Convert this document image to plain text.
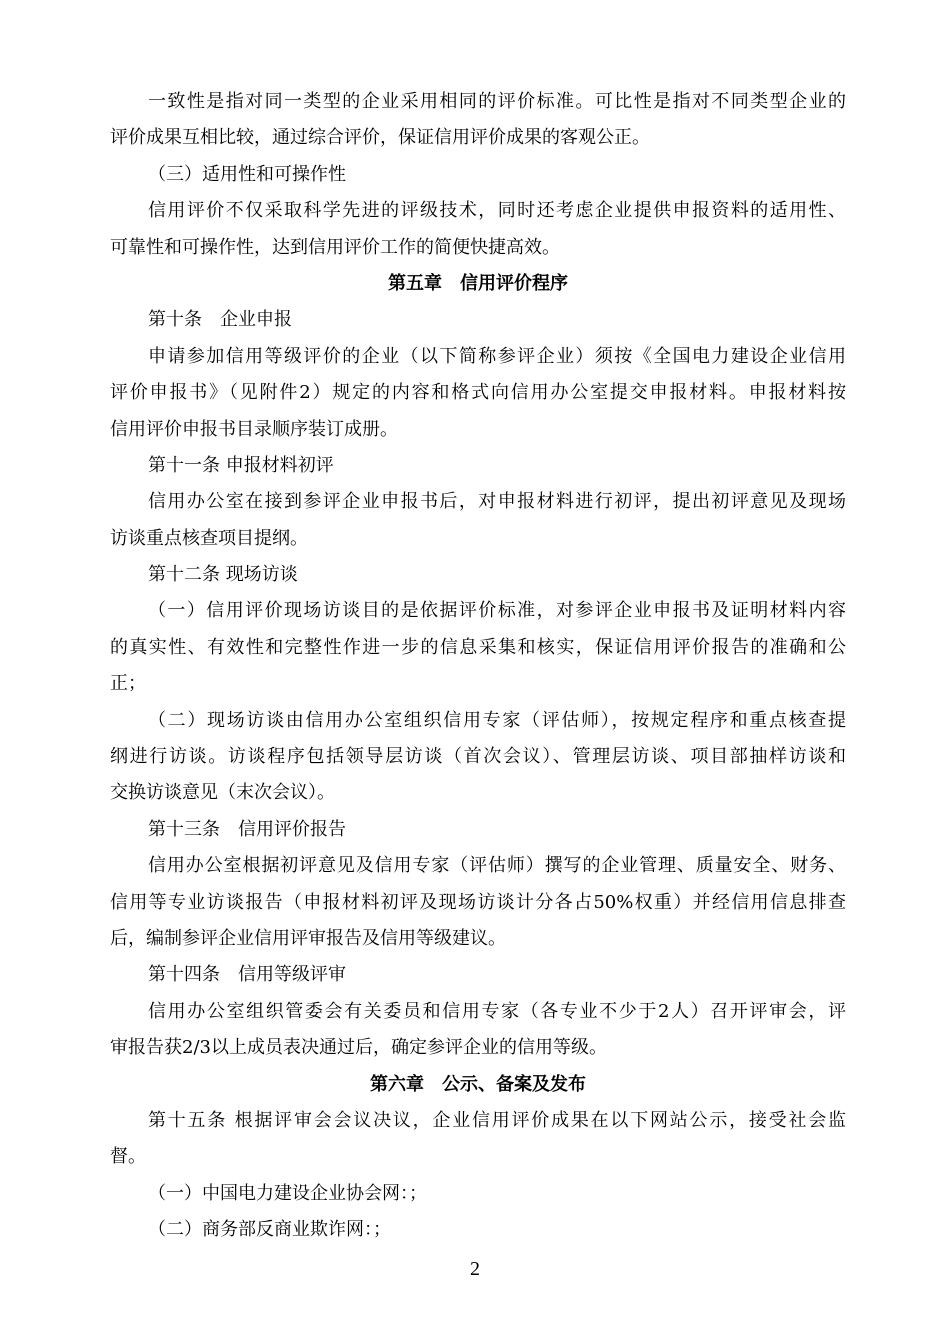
一致性是指对同一类型的企业采用相同的评价标准。可比性是指对不同类型企业的
评价成果互相比较，通过综合评价，保证信用评价成果的客观公正。
（三）适用性和可操作性
信用评价不仅采取科学先进的评级技术，同时还考虑企业提供申报资料的适用性、
可靠性和可操作性，达到信用评价工作的简便快捷高效。
第五章　信用评价程序
第十条　企业申报
申请参加信用等级评价的企业（以下简称参评企业）须按《全国电力建设企业信用
评价申报书》（见附件2）规定的内容和格式向信用办公室提交申报材料。申报材料按
信用评价申报书目录顺序装订成册。
第十一条 申报材料初评
信用办公室在接到参评企业申报书后，对申报材料进行初评，提出初评意见及现场
访谈重点核查项目提纲。
第十二条 现场访谈
（一）信用评价现场访谈目的是依据评价标准，对参评企业申报书及证明材料内容
的真实性、有效性和完整性作进一步的信息采集和核实，保证信用评价报告的准确和公
正；
（二）现场访谈由信用办公室组织信用专家（评估师），按规定程序和重点核查提
纲进行访谈。访谈程序包括领导层访谈（首次会议）、管理层访谈、项目部抽样访谈和
交换访谈意见（末次会议）。
第十三条　信用评价报告
信用办公室根据初评意见及信用专家（评估师）撰写的企业管理、质量安全、财务、
信用等专业访谈报告（申报材料初评及现场访谈计分各占50%权重）并经信用信息排查
后，编制参评企业信用评审报告及信用等级建议。
第十四条　信用等级评审
信用办公室组织管委会有关委员和信用专家（各专业不少于2人）召开评审会，评
审报告获2/3以上成员表决通过后，确定参评企业的信用等级。
第六章　公示、备案及发布
第十五条 根据评审会会议决议，企业信用评价成果在以下网站公示，接受社会监
督。
（一）中国电力建设企业协会网：；
（二）商务部反商业欺诈网：；
2
